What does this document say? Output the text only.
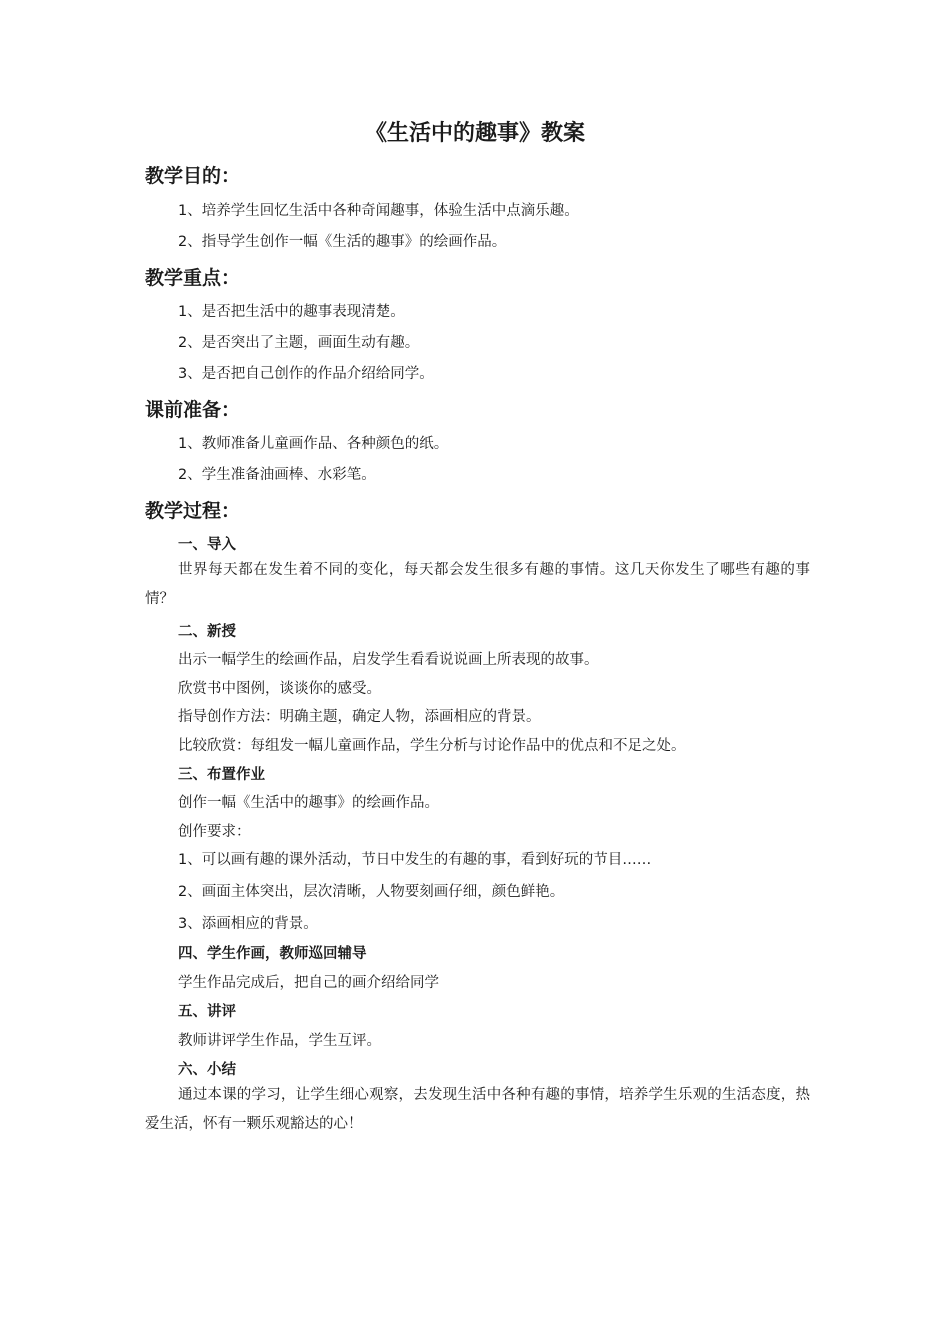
《生活中的趣事》教案
教学目的：
1、培养学生回忆生活中各种奇闻趣事，体验生活中点滴乐趣。
2、指导学生创作一幅《生活的趣事》的绘画作品。
教学重点：
1、是否把生活中的趣事表现清楚。
2、是否突出了主题，画面生动有趣。
3、是否把自己创作的作品介绍给同学。
课前准备：
1、教师准备儿童画作品、各种颜色的纸。
2、学生准备油画棒、水彩笔。
教学过程：
一、导入
世界每天都在发生着不同的变化，每天都会发生很多有趣的事情。这几天你发生了哪些有趣的事情？
二、新授
出示一幅学生的绘画作品，启发学生看看说说画上所表现的故事。
欣赏书中图例，谈谈你的感受。
指导创作方法：明确主题，确定人物，添画相应的背景。
比较欣赏：每组发一幅儿童画作品，学生分析与讨论作品中的优点和不足之处。
三、布置作业
创作一幅《生活中的趣事》的绘画作品。
创作要求：
1、可以画有趣的课外活动，节日中发生的有趣的事，看到好玩的节目……
2、画面主体突出，层次清晰，人物要刻画仔细，颜色鲜艳。
3、添画相应的背景。
四、学生作画，教师巡回辅导
学生作品完成后，把自己的画介绍给同学
五、讲评
教师讲评学生作品，学生互评。
六、小结
通过本课的学习，让学生细心观察，去发现生活中各种有趣的事情，培养学生乐观的生活态度，热爱生活，怀有一颗乐观豁达的心！
